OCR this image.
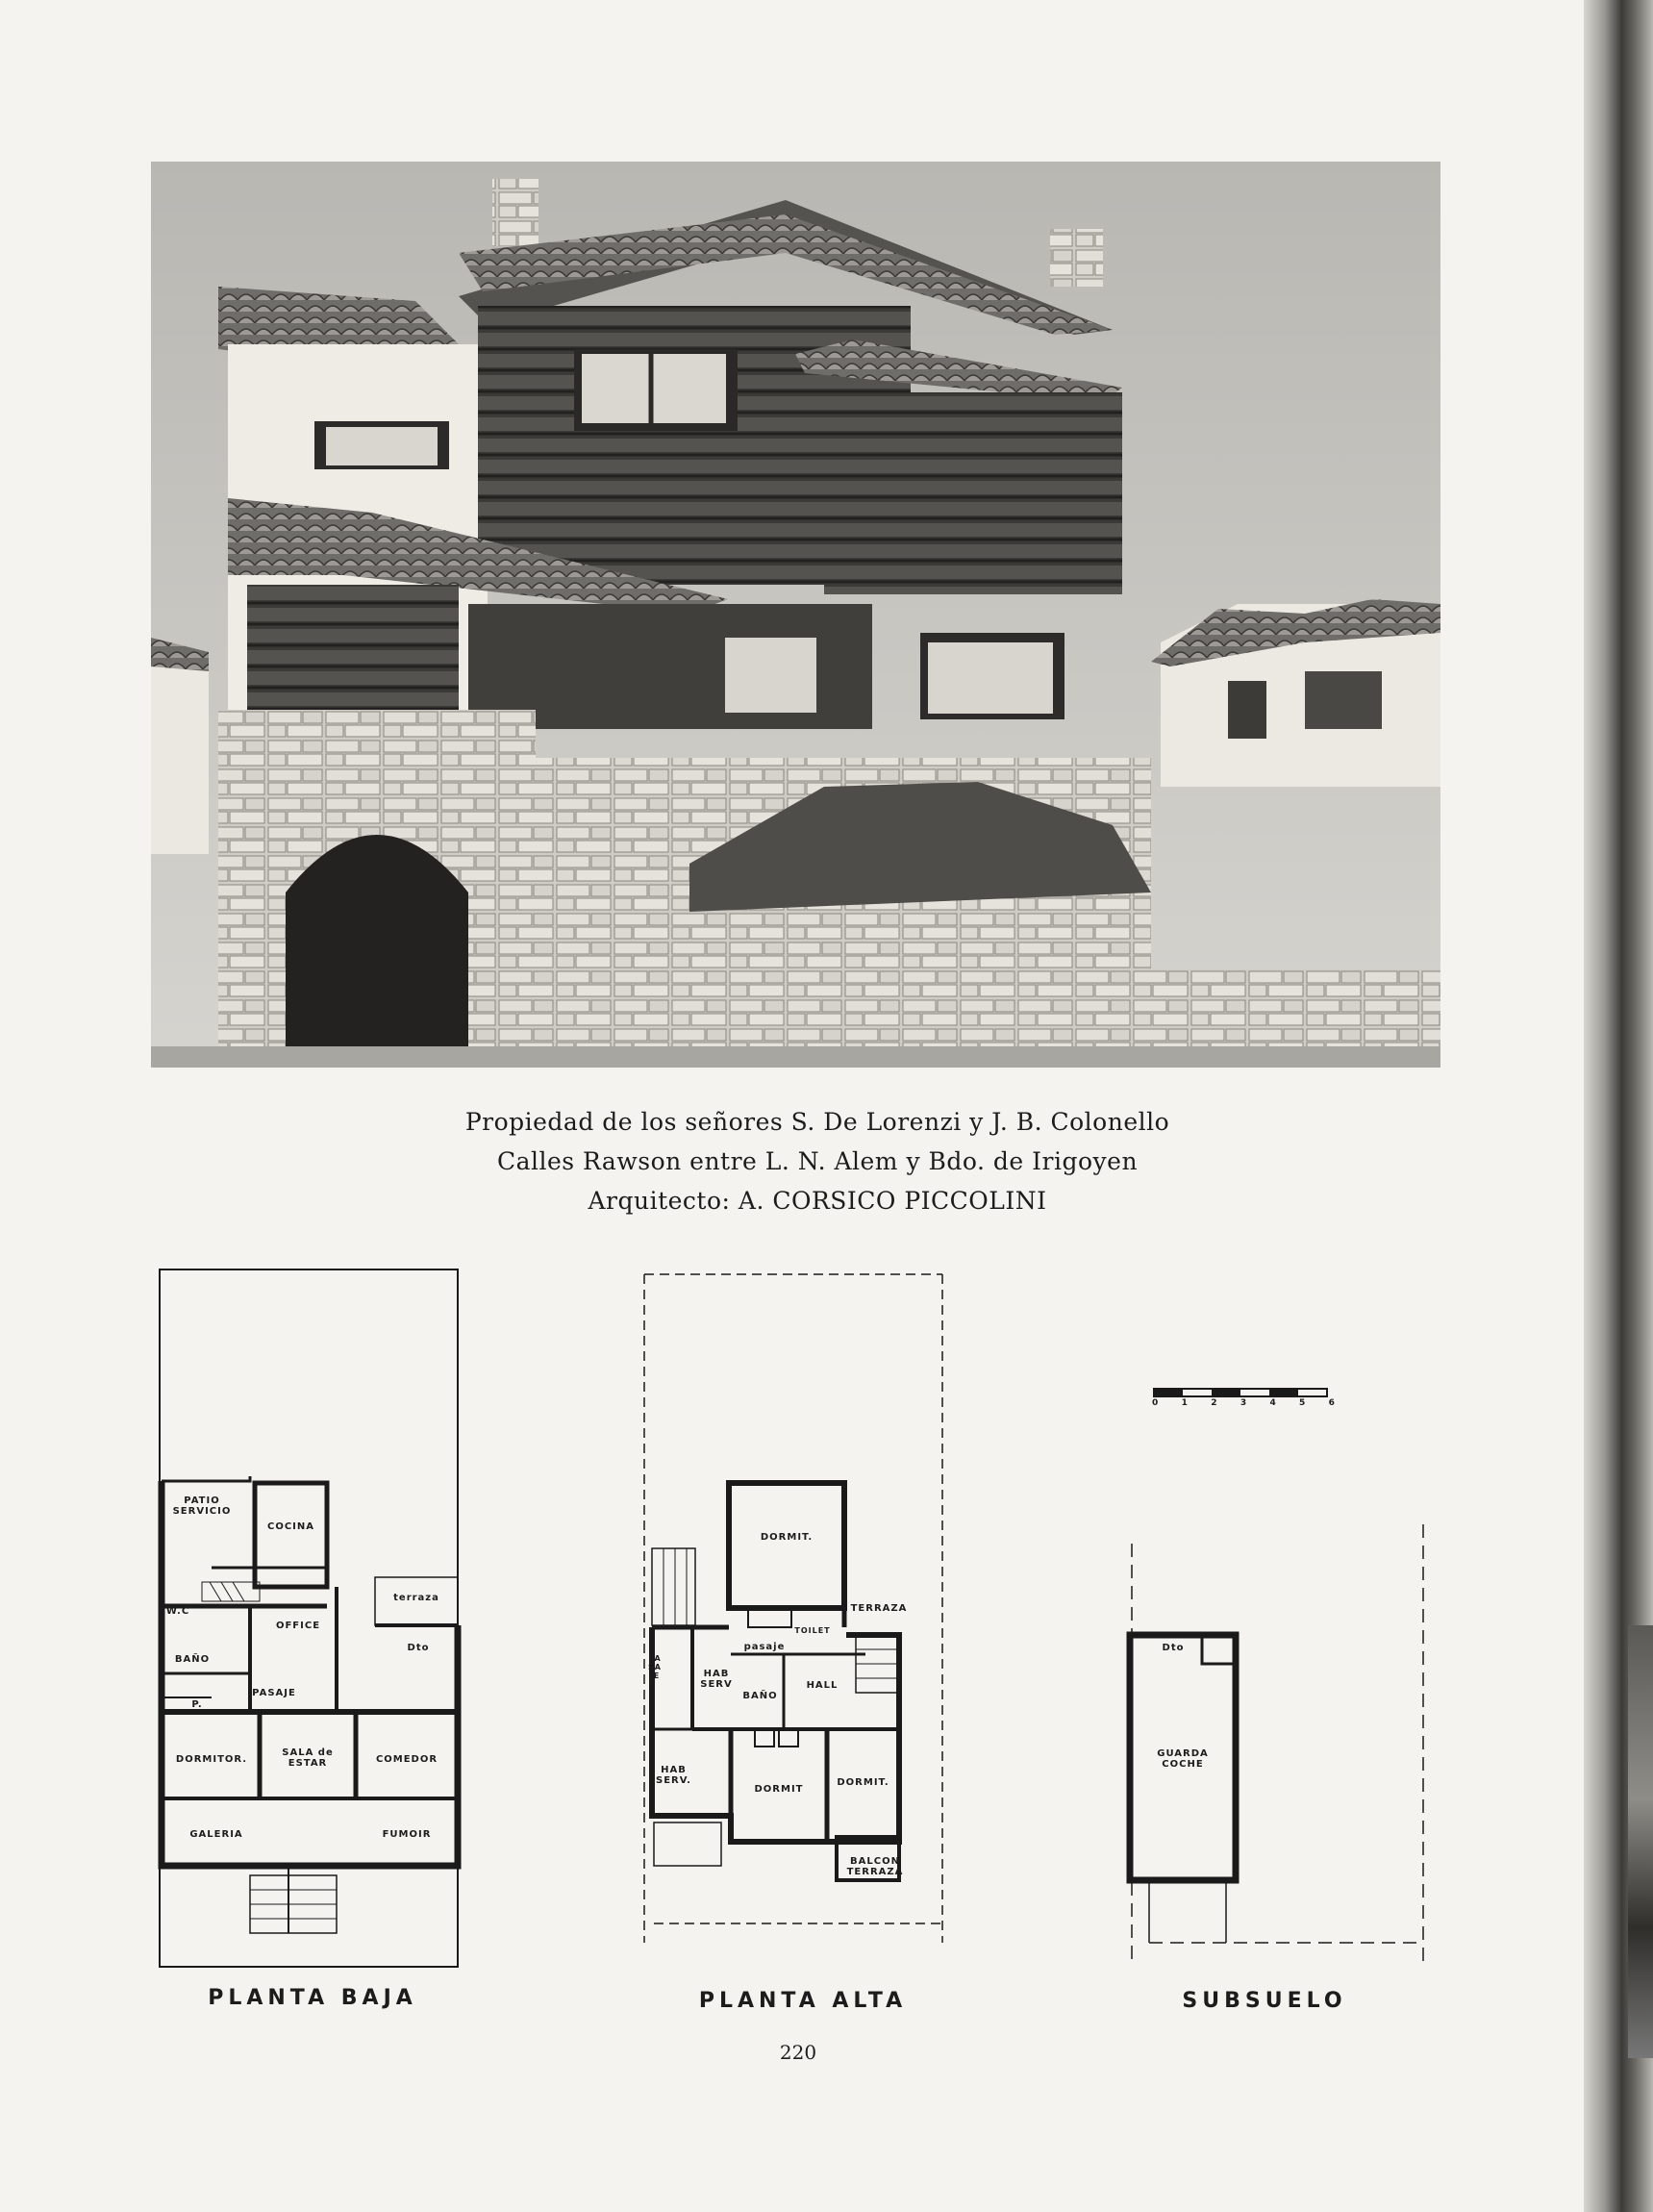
Propiedad de los señores S. De Lorenzi y J. B. Colonello
Calles Rawson entre L. N. Alem y Bdo. de Irigoyen
Arquitecto: A. CORSICO PICCOLINI
PATIO
SERVICIO
COCINA
terraza
W.C
OFFICE
BAÑO
Dto
PASAJE
P.
DORMITOR.
SALA de
ESTAR	COMEDOR
GALERIA	FUMOIR
PLANTA BAJA
DORMIT.
TERRAZA
TOILET
PASAJE	HAB
SERV
pasaje
BAÑO
HALL
HAB
SERV.
DORMIT
DORMIT.
BALCON
TERRAZA
PLANTA ALTA
Dto
GUARDA
COCHE
SUBSUELO
0	1	2	3	4	5	6
220
